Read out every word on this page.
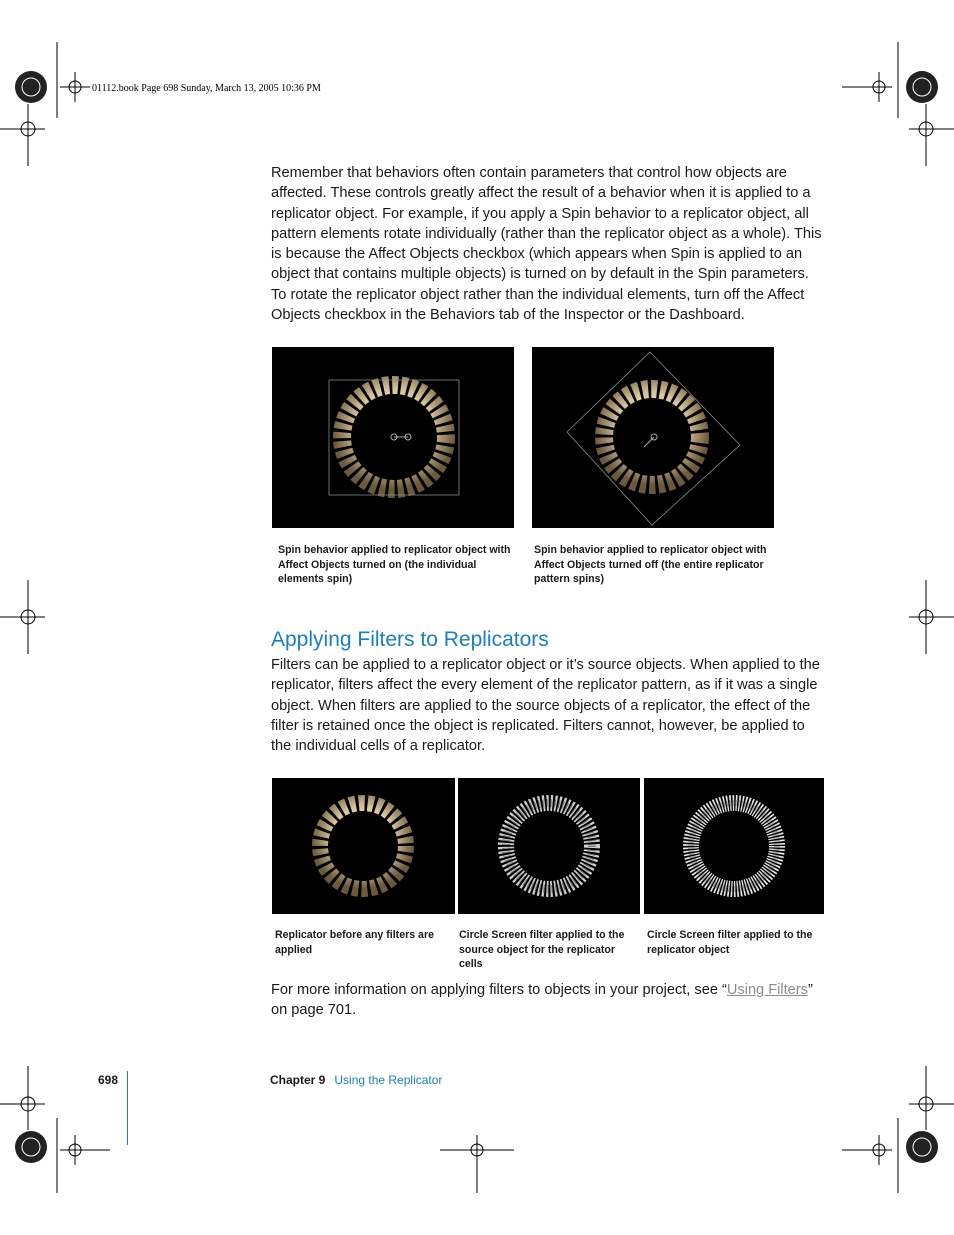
01112.book Page 698 Sunday, March 13, 2005 10:36 PM
Remember that behaviors often contain parameters that control how objects are affected. These controls greatly affect the result of a behavior when it is applied to a replicator object. For example, if you apply a Spin behavior to a replicator object, all pattern elements rotate individually (rather than the replicator object as a whole). This is because the Affect Objects checkbox (which appears when Spin is applied to an object that contains multiple objects) is turned on by default in the Spin parameters. To rotate the replicator object rather than the individual elements, turn off the Affect Objects checkbox in the Behaviors tab of the Inspector or the Dashboard.
Spin behavior applied to replicator object with Affect Objects turned on (the individual elements spin)
Spin behavior applied to replicator object with Affect Objects turned off (the entire replicator pattern spins)
Applying Filters to Replicators
Filters can be applied to a replicator object or it’s source objects. When applied to the replicator, filters affect the every element of the replicator pattern, as if it was a single object. When filters are applied to the source objects of a replicator, the effect of the filter is retained once the object is replicated. Filters cannot, however, be applied to the individual cells of a replicator.
Replicator before any filters are applied
Circle Screen filter applied to the source object for the replicator cells
Circle Screen filter applied to the replicator object
For more information on applying filters to objects in your project, see “Using Filters” on page 701.
698	Chapter 9 Using the Replicator
